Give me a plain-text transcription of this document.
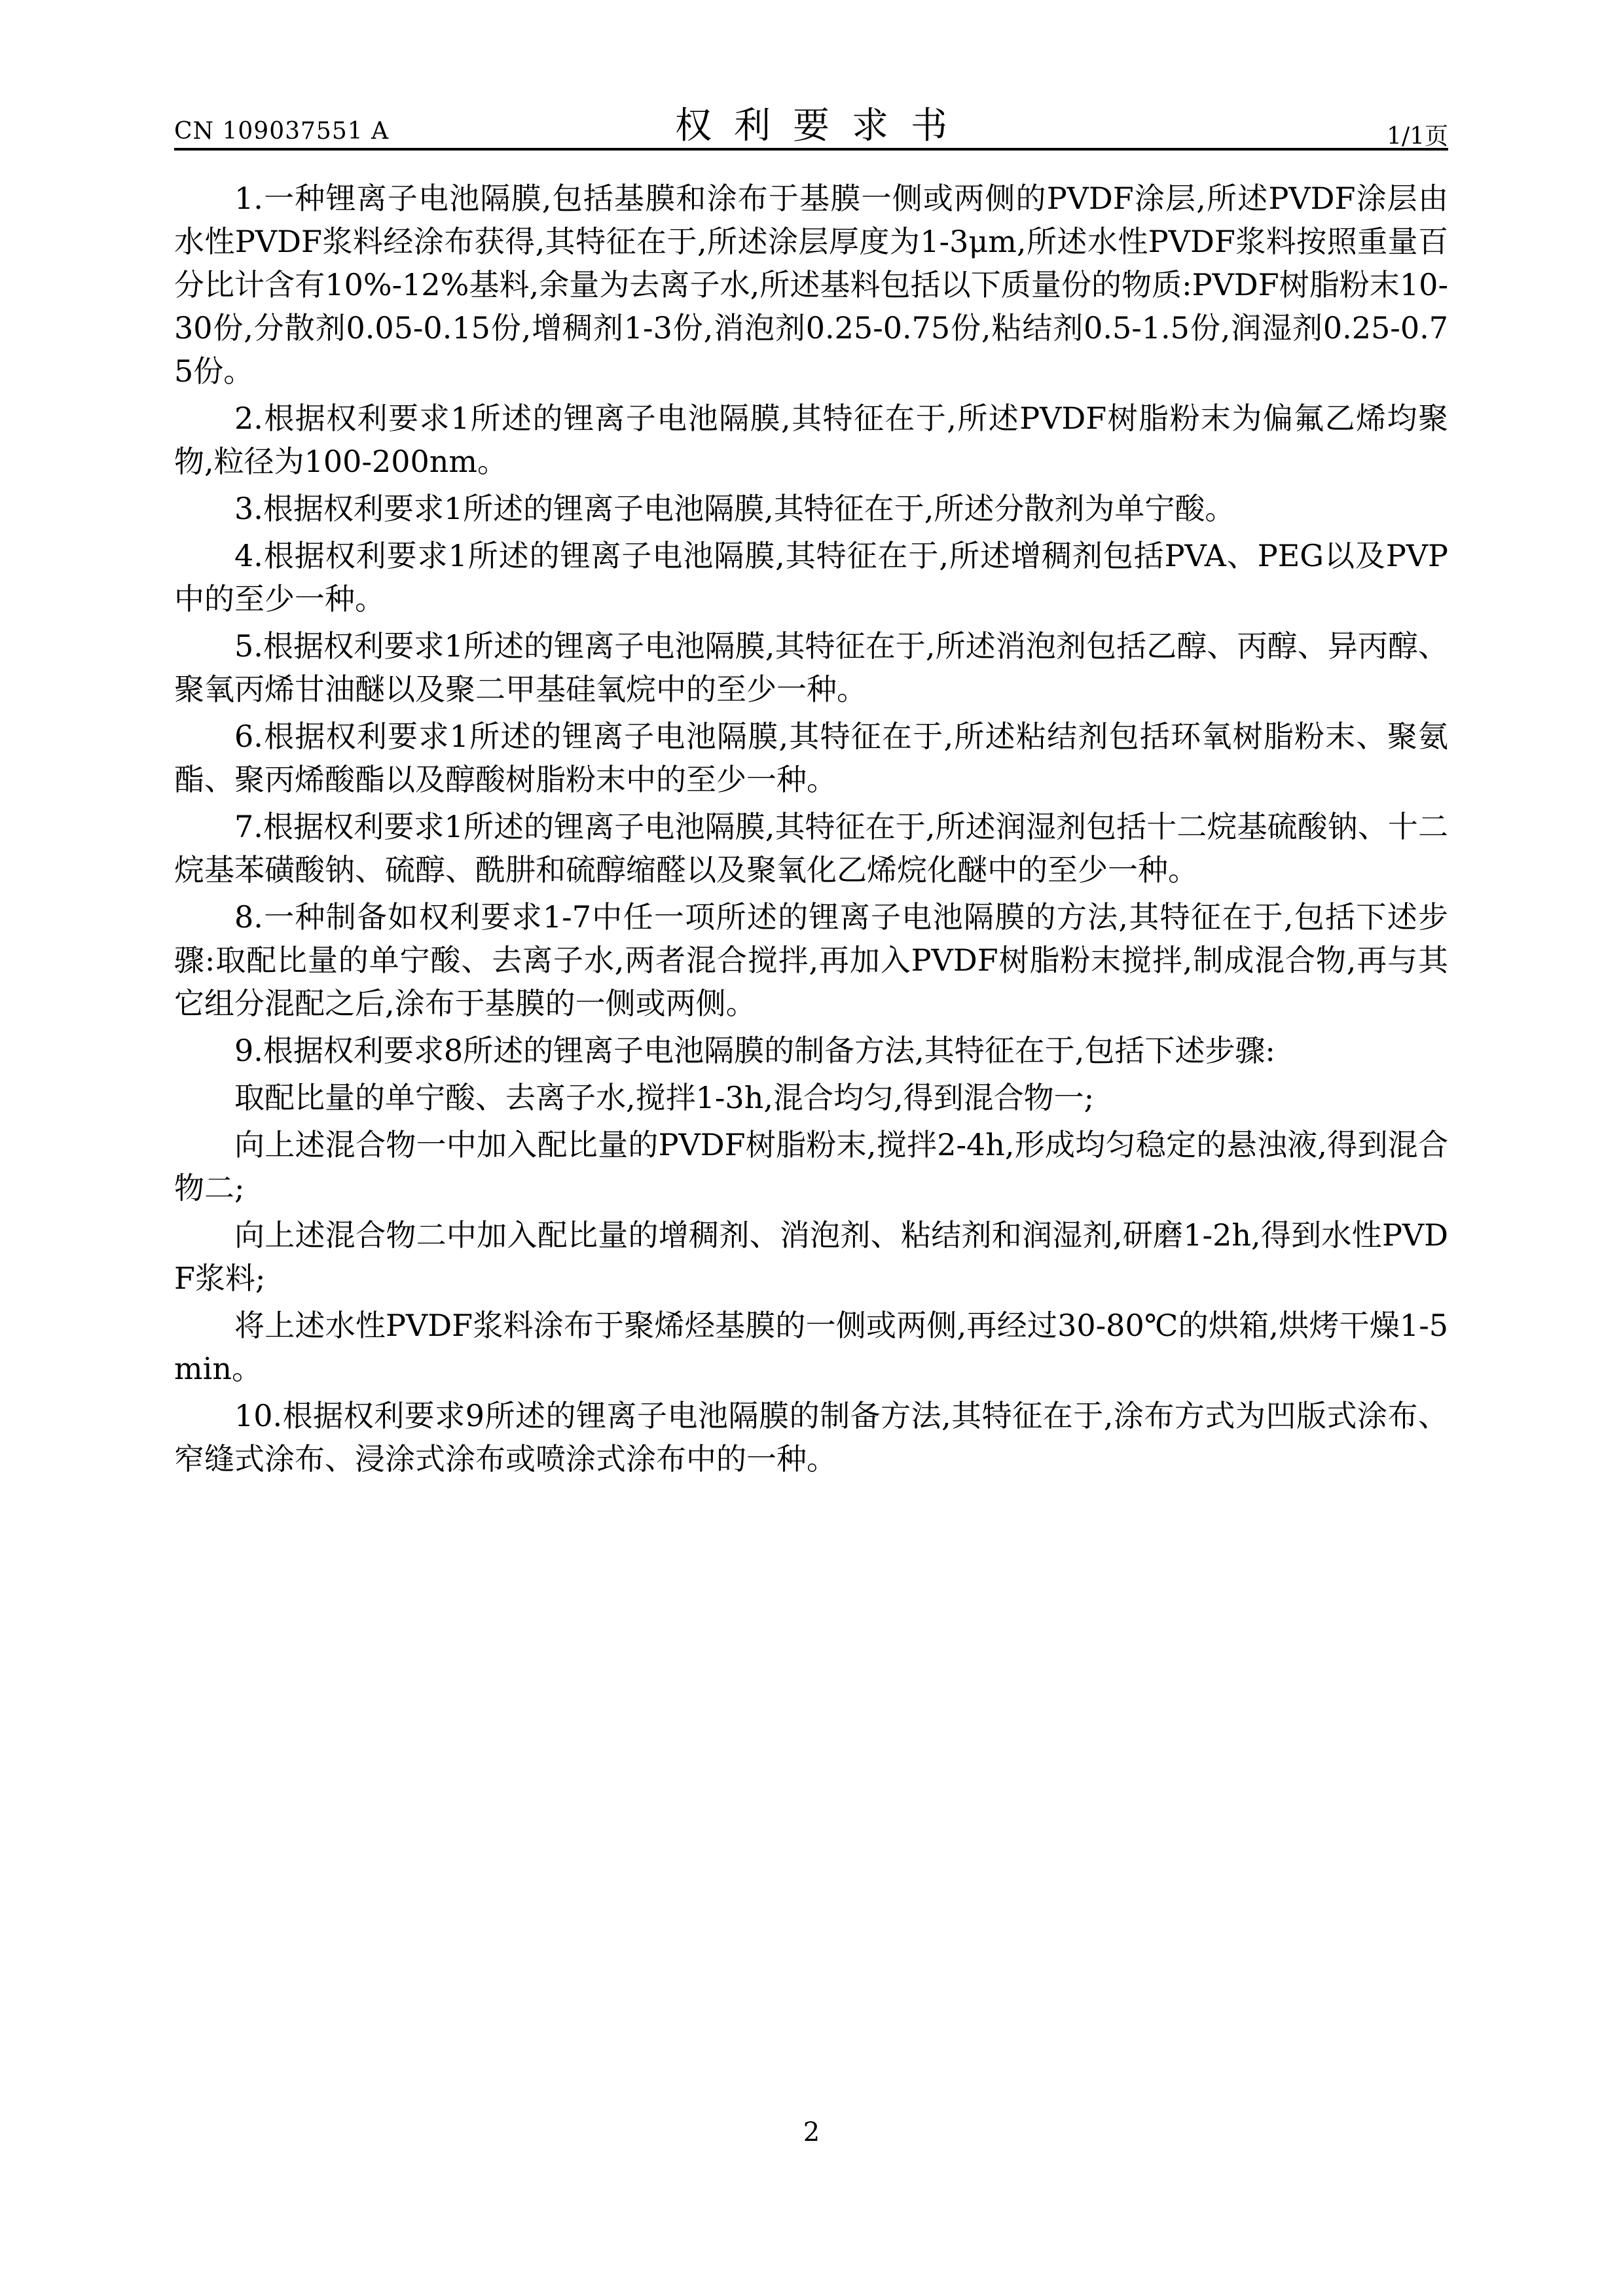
CN 109037551 A	权利要求书	1/1页

1.一种锂离子电池隔膜,包括基膜和涂布于基膜一侧或两侧的PVDF涂层,所述PVDF涂层由水性PVDF浆料经涂布获得,其特征在于,所述涂层厚度为1-3μm,所述水性PVDF浆料按照重量百分比计含有10%-12%基料,余量为去离子水,所述基料包括以下质量份的物质:PVDF树脂粉末10-30份,分散剂0.05-0.15份,增稠剂1-3份,消泡剂0.25-0.75份,粘结剂0.5-1.5份,润湿剂0.25-0.75份。

2.根据权利要求1所述的锂离子电池隔膜,其特征在于,所述PVDF树脂粉末为偏氟乙烯均聚物,粒径为100-200nm。

3.根据权利要求1所述的锂离子电池隔膜,其特征在于,所述分散剂为单宁酸。

4.根据权利要求1所述的锂离子电池隔膜,其特征在于,所述增稠剂包括PVA、PEG以及PVP中的至少一种。

5.根据权利要求1所述的锂离子电池隔膜,其特征在于,所述消泡剂包括乙醇、丙醇、异丙醇、聚氧丙烯甘油醚以及聚二甲基硅氧烷中的至少一种。

6.根据权利要求1所述的锂离子电池隔膜,其特征在于,所述粘结剂包括环氧树脂粉末、聚氨酯、聚丙烯酸酯以及醇酸树脂粉末中的至少一种。

7.根据权利要求1所述的锂离子电池隔膜,其特征在于,所述润湿剂包括十二烷基硫酸钠、十二烷基苯磺酸钠、硫醇、酰肼和硫醇缩醛以及聚氧化乙烯烷化醚中的至少一种。

8.一种制备如权利要求1-7中任一项所述的锂离子电池隔膜的方法,其特征在于,包括下述步骤:取配比量的单宁酸、去离子水,两者混合搅拌,再加入PVDF树脂粉末搅拌,制成混合物,再与其它组分混配之后,涂布于基膜的一侧或两侧。

9.根据权利要求8所述的锂离子电池隔膜的制备方法,其特征在于,包括下述步骤:

取配比量的单宁酸、去离子水,搅拌1-3h,混合均匀,得到混合物一;

向上述混合物一中加入配比量的PVDF树脂粉末,搅拌2-4h,形成均匀稳定的悬浊液,得到混合物二;

向上述混合物二中加入配比量的增稠剂、消泡剂、粘结剂和润湿剂,研磨1-2h,得到水性PVDF浆料;

将上述水性PVDF浆料涂布于聚烯烃基膜的一侧或两侧,再经过30-80℃的烘箱,烘烤干燥1-5min。

10.根据权利要求9所述的锂离子电池隔膜的制备方法,其特征在于,涂布方式为凹版式涂布、窄缝式涂布、浸涂式涂布或喷涂式涂布中的一种。

2
